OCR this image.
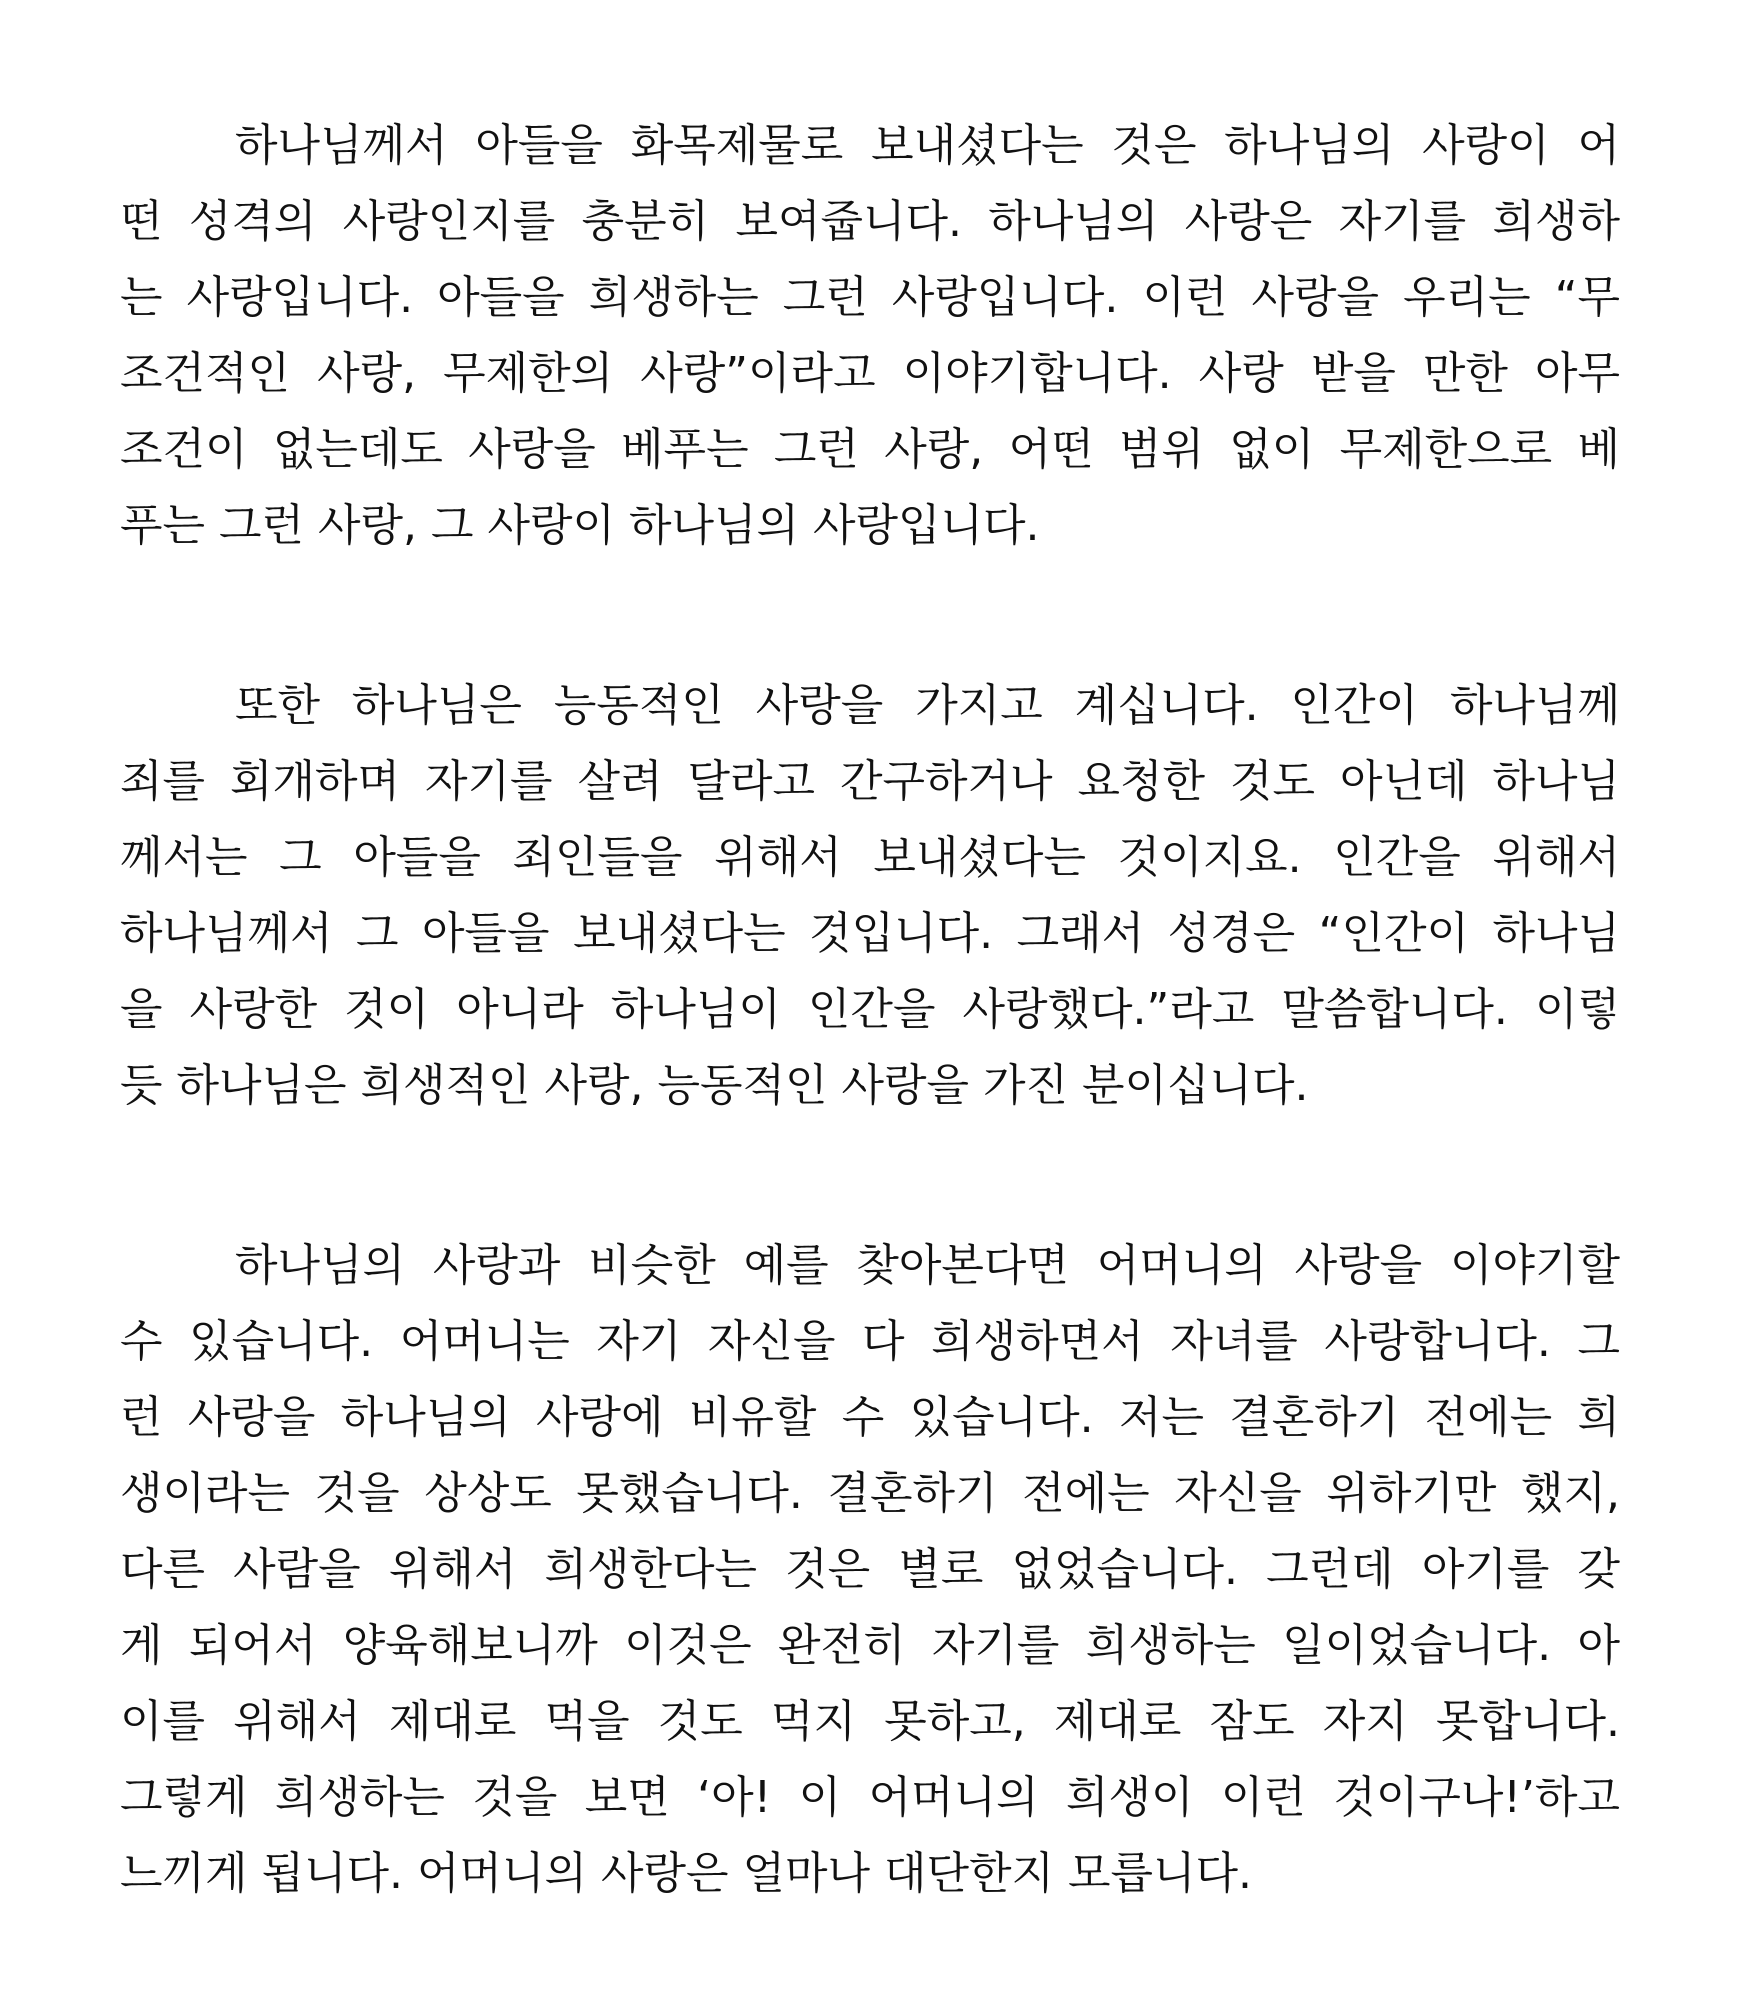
하나님께서 아들을 화목제물로 보내셨다는 것은 하나님의 사랑이 어
떤 성격의 사랑인지를 충분히 보여줍니다. 하나님의 사랑은 자기를 희생하
는 사랑입니다. 아들을 희생하는 그런 사랑입니다. 이런 사랑을 우리는 “무
조건적인 사랑, 무제한의 사랑”이라고 이야기합니다. 사랑 받을 만한 아무
조건이 없는데도 사랑을 베푸는 그런 사랑, 어떤 범위 없이 무제한으로 베
푸는 그런 사랑, 그 사랑이 하나님의 사랑입니다.
또한 하나님은 능동적인 사랑을 가지고 계십니다. 인간이 하나님께
죄를 회개하며 자기를 살려 달라고 간구하거나 요청한 것도 아닌데 하나님
께서는 그 아들을 죄인들을 위해서 보내셨다는 것이지요. 인간을 위해서
하나님께서 그 아들을 보내셨다는 것입니다. 그래서 성경은 “인간이 하나님
을 사랑한 것이 아니라 하나님이 인간을 사랑했다.”라고 말씀합니다. 이렇
듯 하나님은 희생적인 사랑, 능동적인 사랑을 가진 분이십니다.
하나님의 사랑과 비슷한 예를 찾아본다면 어머니의 사랑을 이야기할
수 있습니다. 어머니는 자기 자신을 다 희생하면서 자녀를 사랑합니다. 그
런 사랑을 하나님의 사랑에 비유할 수 있습니다. 저는 결혼하기 전에는 희
생이라는 것을 상상도 못했습니다. 결혼하기 전에는 자신을 위하기만 했지,
다른 사람을 위해서 희생한다는 것은 별로 없었습니다. 그런데 아기를 갖
게 되어서 양육해보니까 이것은 완전히 자기를 희생하는 일이었습니다. 아
이를 위해서 제대로 먹을 것도 먹지 못하고, 제대로 잠도 자지 못합니다.
그렇게 희생하는 것을 보면 ‘아! 이 어머니의 희생이 이런 것이구나!’하고
느끼게 됩니다. 어머니의 사랑은 얼마나 대단한지 모릅니다.
